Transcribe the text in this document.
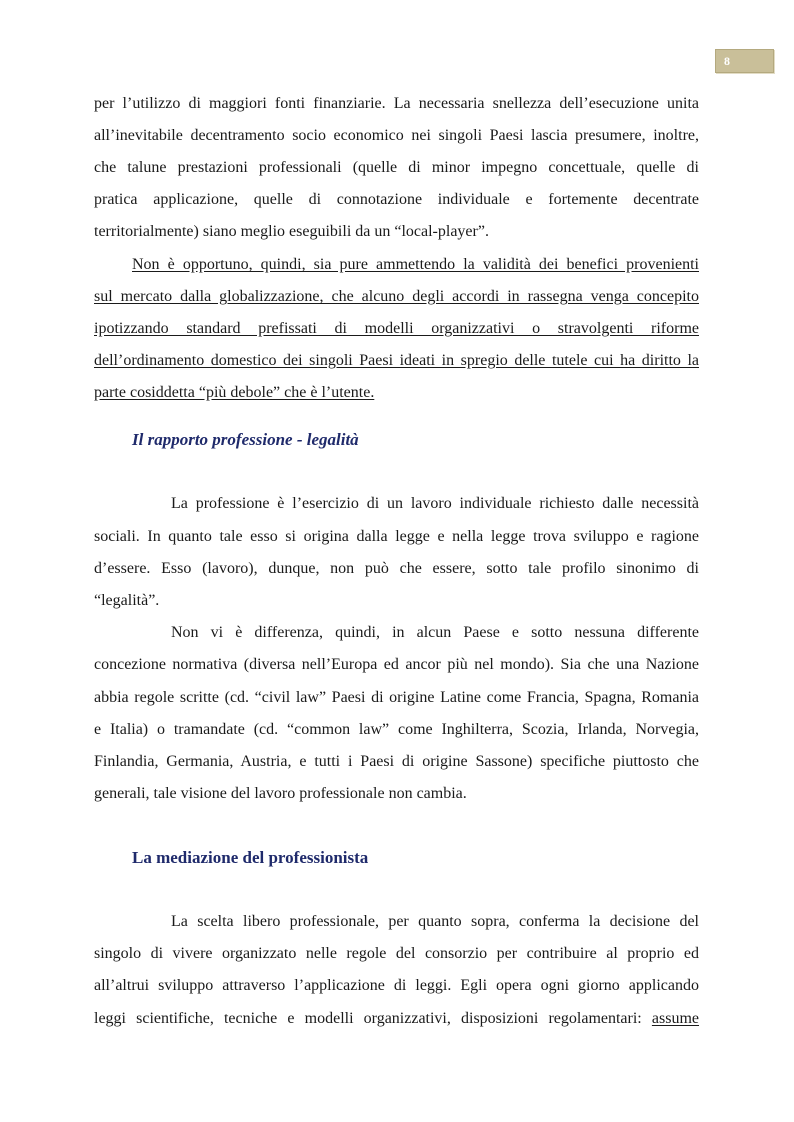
8
per l’utilizzo di maggiori fonti finanziarie. La necessaria snellezza dell’esecuzione unita
all’inevitabile decentramento socio economico nei singoli Paesi lascia presumere, inoltre,
che talune prestazioni professionali (quelle di minor impegno concettuale, quelle di
pratica applicazione, quelle di connotazione individuale e fortemente decentrate
territorialmente) siano meglio eseguibili da un “local-player”.
Non è opportuno, quindi, sia pure ammettendo la validità dei benefici provenienti
sul mercato dalla globalizzazione, che alcuno degli accordi in rassegna venga concepito
ipotizzando standard prefissati di modelli organizzativi o stravolgenti riforme
dell’ordinamento domestico dei singoli Paesi ideati in spregio delle tutele cui ha diritto la
parte cosiddetta “più debole” che è l’utente.
Il rapporto professione - legalità
La professione è l’esercizio di un lavoro individuale richiesto dalle necessità
sociali. In quanto tale esso si origina dalla legge e nella legge trova sviluppo e ragione
d’essere. Esso (lavoro), dunque, non può che essere, sotto tale profilo sinonimo di
“legalità”.
Non vi è differenza, quindi, in alcun Paese e sotto nessuna differente
concezione normativa (diversa nell’Europa ed ancor più nel mondo). Sia che una Nazione
abbia regole scritte (cd. “civil law” Paesi di origine Latine come Francia, Spagna, Romania
e Italia) o tramandate (cd. “common law” come Inghilterra, Scozia, Irlanda, Norvegia,
Finlandia, Germania, Austria, e tutti i Paesi di origine Sassone) specifiche piuttosto che
generali, tale visione del lavoro professionale non cambia.
La mediazione del professionista
La scelta libero professionale, per quanto sopra, conferma la decisione del
singolo di vivere organizzato nelle regole del consorzio per contribuire al proprio ed
all’altrui sviluppo attraverso l’applicazione di leggi. Egli opera ogni giorno applicando
leggi scientifiche, tecniche e modelli organizzativi, disposizioni regolamentari: assume
